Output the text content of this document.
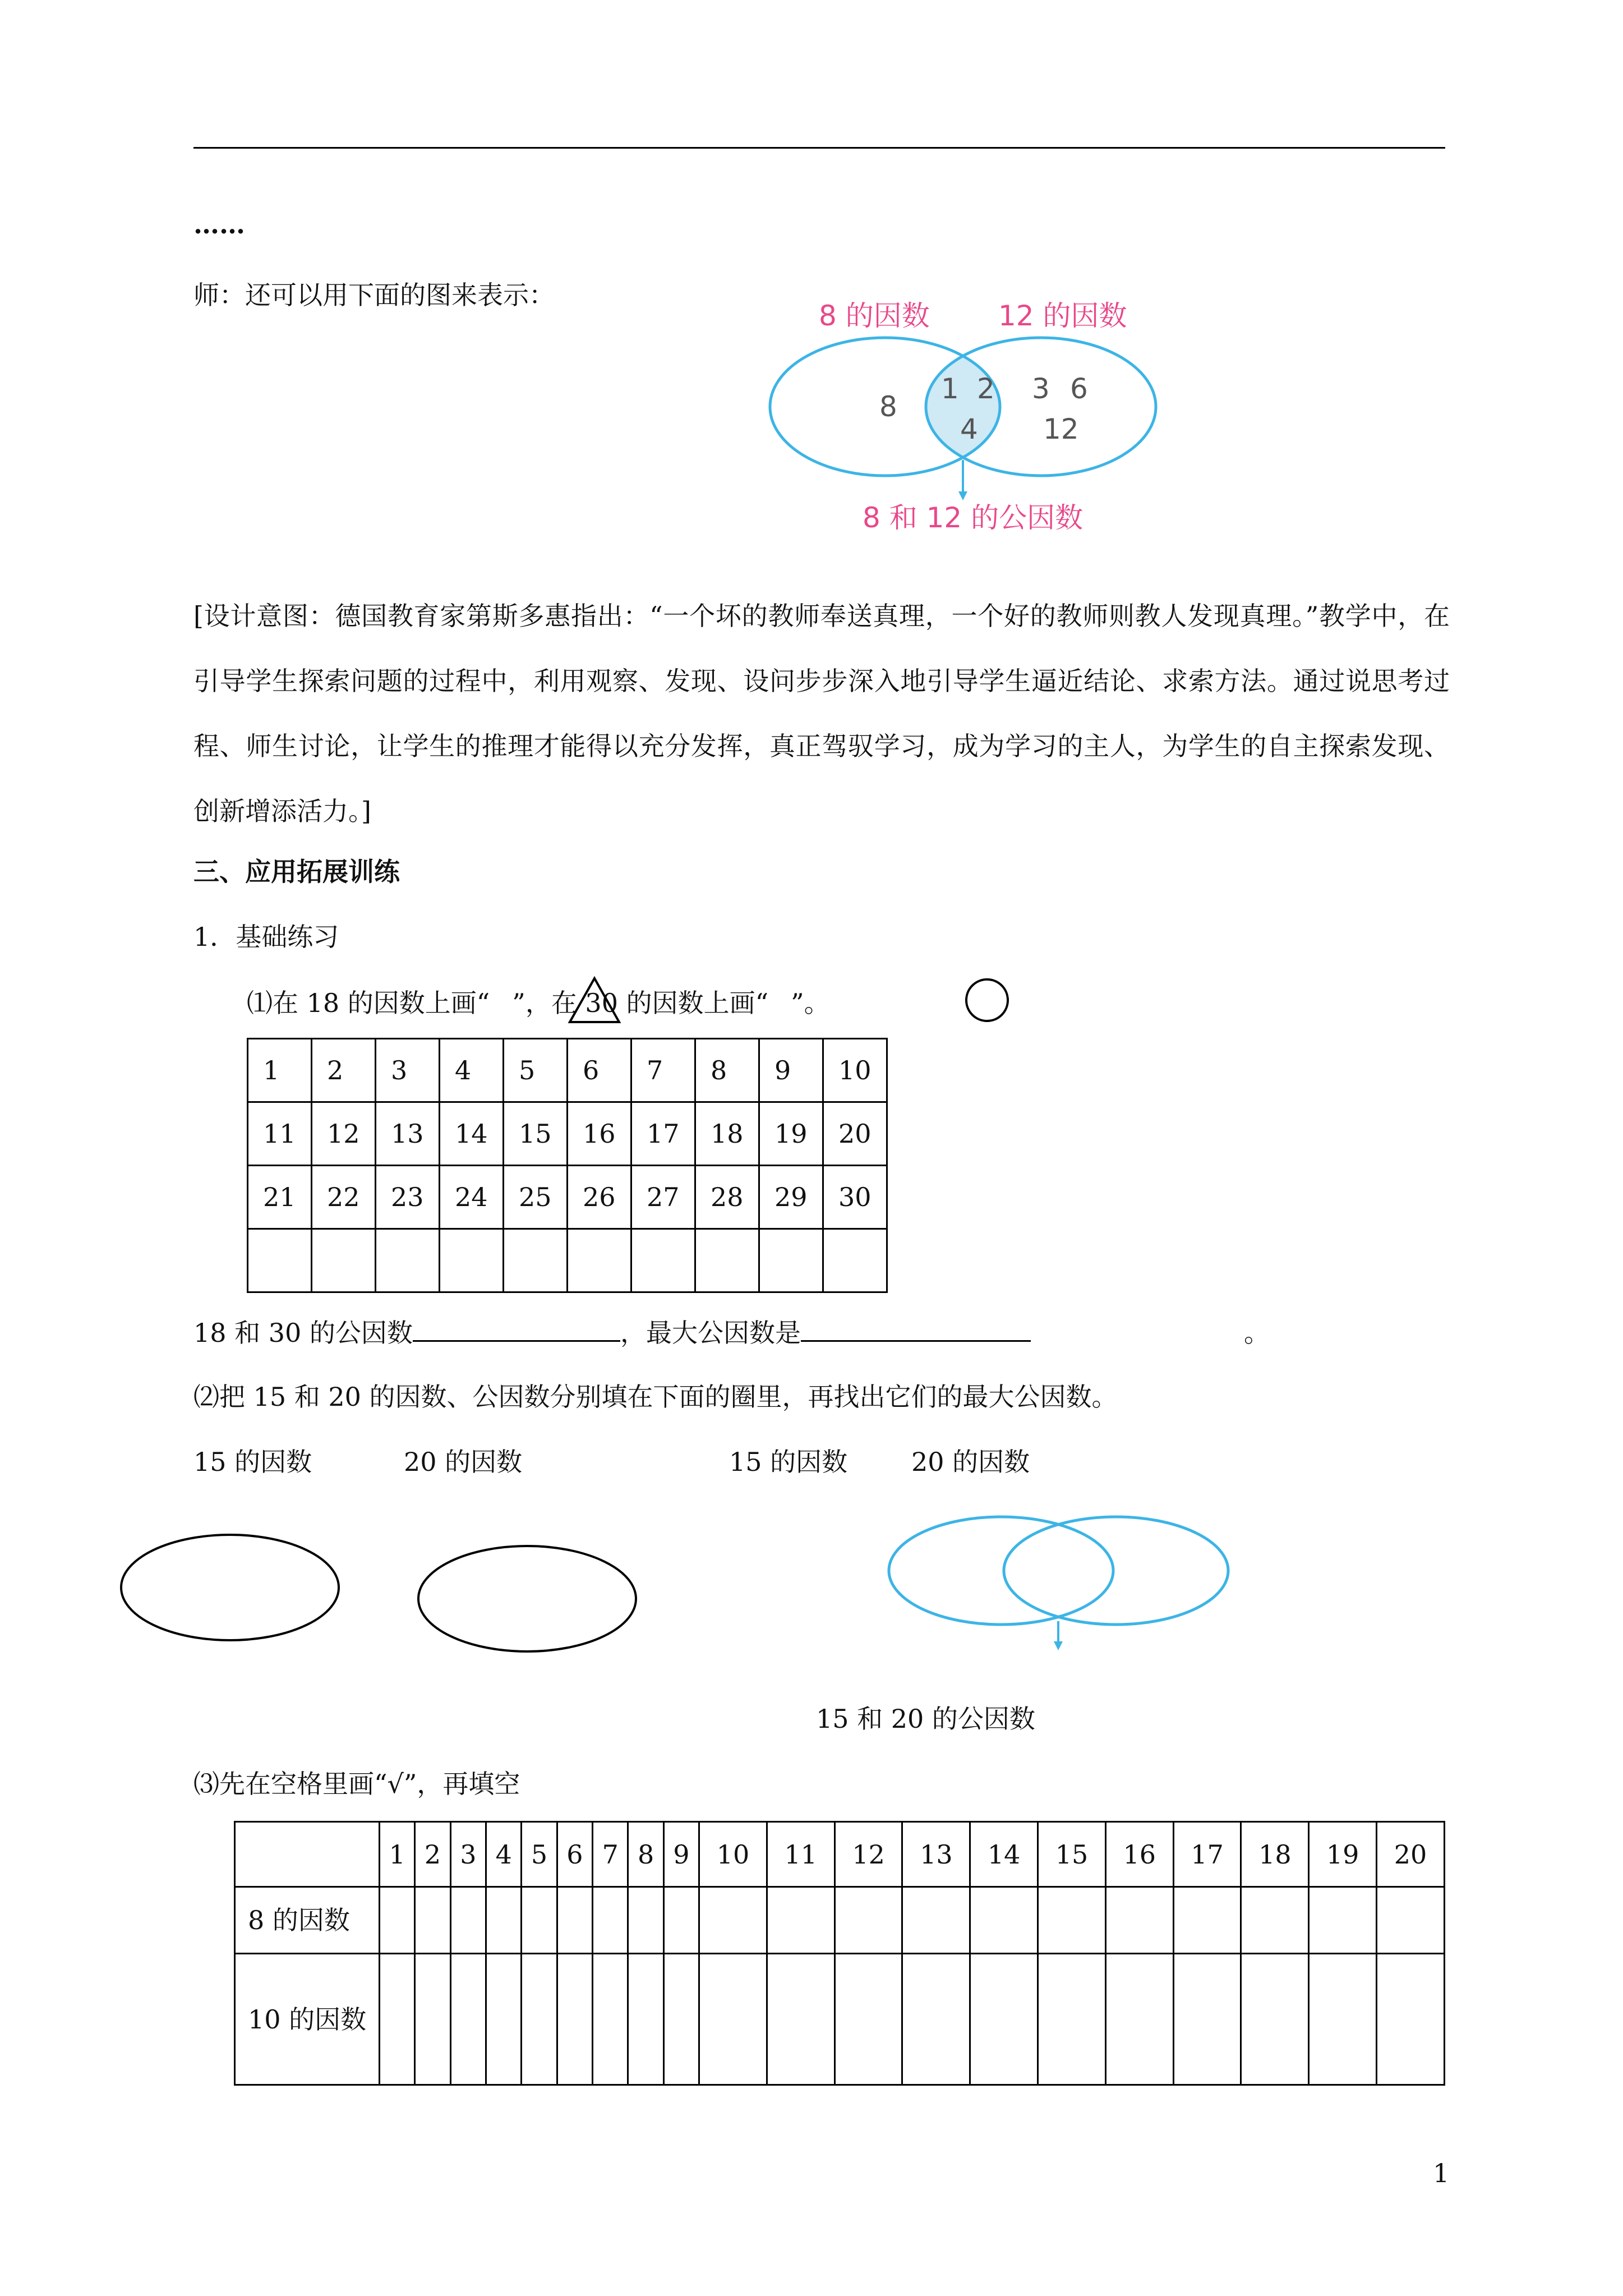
……
师：还可以用下面的图来表示：
8 的因数 12 的因数
8
1 2
4
3 6
12
8 和 12 的公因数
[设计意图：德国教育家第斯多惠指出：“一个坏的教师奉送真理，一个好的教师则教人发现真理。”教学中，在引导学生探索问题的过程中，利用观察、发现、设问步步深入地引导学生逼近结论、求索方法。通过说思考过程、师生讨论，让学生的推理才能得以充分发挥，真正驾驭学习，成为学习的主人，为学生的自主探索发现、创新增添活力。]
三、应用拓展训练
1．基础练习
⑴在 18 的因数上画“ ”，在 30 的因数上画“ ”。
1	2	3	4	5	6	7	8	9	10
11	12	13	14	15	16	17	18	19	20
21	22	23	24	25	26	27	28	29	30

18 和 30 的公因数	，最大公因数是	。
⑵把 15 和 20 的因数、公因数分别填在下面的圈里，再找出它们的最大公因数。
15 的因数	20 的因数	15 的因数 20 的因数
15 和 20 的公因数
⑶先在空格里画“√”，再填空
	1	2	3	4	5	6	7	8	9	10	11	12	13	14	15	16	17	18	19	20
8 的因数																				
10 的因数																				
1
